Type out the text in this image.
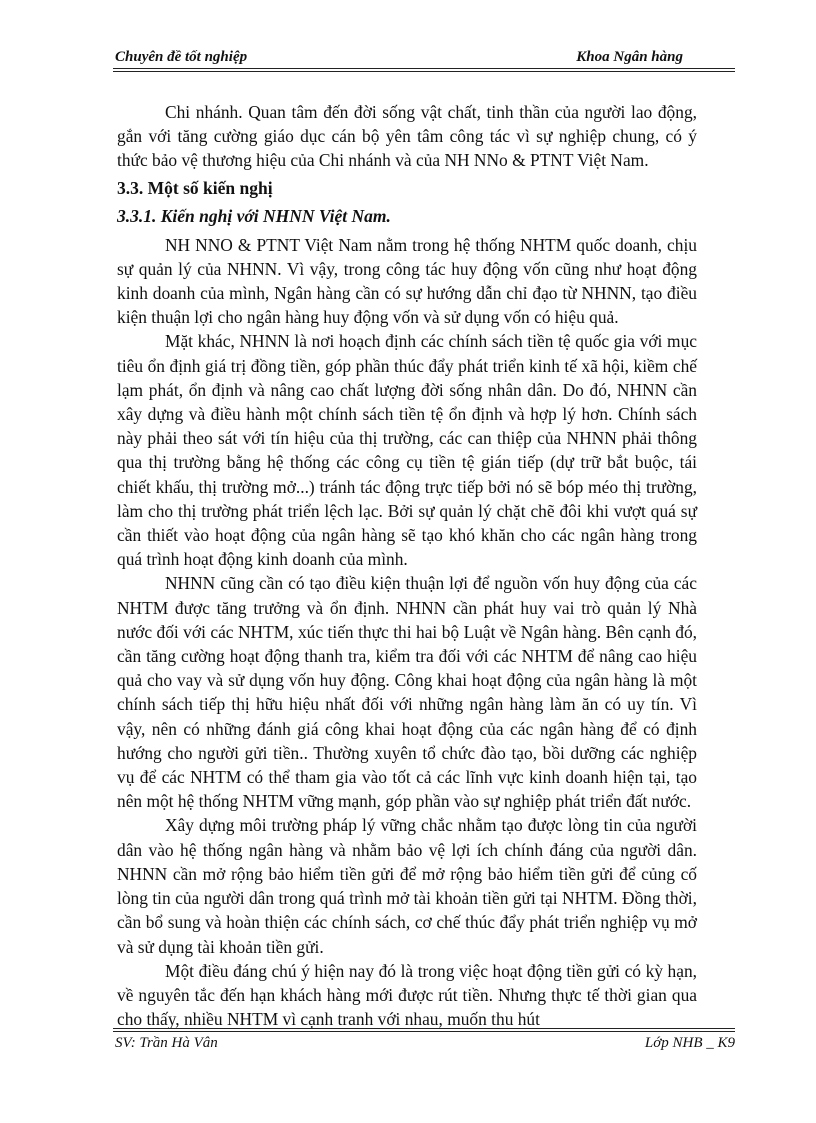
Chuyên đề tốt nghiệp	Khoa Ngân hàng

Chi nhánh. Quan tâm đến đời sống vật chất, tinh thần của người lao động, gắn với tăng cường giáo dục cán bộ yên tâm công tác vì sự nghiệp chung, có ý thức bảo vệ thương hiệu của Chi nhánh và của NH NNo & PTNT Việt Nam.

3.3. Một số kiến nghị
3.3.1. Kiến nghị với NHNN Việt Nam.

NH NNO & PTNT Việt Nam nằm trong hệ thống NHTM quốc doanh, chịu sự quản lý của NHNN. Vì vậy, trong công tác huy động vốn cũng như hoạt động kinh doanh của mình, Ngân hàng cần có sự hướng dẫn chỉ đạo từ NHNN, tạo điều kiện thuận lợi cho ngân hàng huy động vốn và sử dụng vốn có hiệu quả.

Mặt khác, NHNN là nơi hoạch định các chính sách tiền tệ quốc gia với mục tiêu ổn định giá trị đồng tiền, góp phần thúc đẩy phát triển kinh tế xã hội, kiềm chế lạm phát, ổn định và nâng cao chất lượng đời sống nhân dân. Do đó, NHNN cần xây dựng và điều hành một chính sách tiền tệ ổn định và hợp lý hơn. Chính sách này phải theo sát với tín hiệu của thị trường, các can thiệp của NHNN phải thông qua thị trường bằng hệ thống các công cụ tiền tệ gián tiếp (dự trữ bắt buộc, tái chiết khấu, thị trường mở...) tránh tác động trực tiếp bởi nó sẽ bóp méo thị trường, làm cho thị trường phát triển lệch lạc. Bởi sự quản lý chặt chẽ đôi khi vượt quá sự cần thiết vào hoạt động của ngân hàng sẽ tạo khó khăn cho các ngân hàng trong quá trình hoạt động kinh doanh của mình.

NHNN cũng cần có tạo điều kiện thuận lợi để nguồn vốn huy động của các NHTM được tăng trưởng và ổn định. NHNN cần phát huy vai trò quản lý Nhà nước đối với các NHTM, xúc tiến thực thi hai bộ Luật về Ngân hàng. Bên cạnh đó, cần tăng cường hoạt động thanh tra, kiểm tra đối với các NHTM để nâng cao hiệu quả cho vay và sử dụng vốn huy động. Công khai hoạt động của ngân hàng là một chính sách tiếp thị hữu hiệu nhất đối với những ngân hàng làm ăn có uy tín. Vì vậy, nên có những đánh giá công khai hoạt động của các ngân hàng để có định hướng cho người gửi tiền.. Thường xuyên tổ chức đào tạo, bồi dưỡng các nghiệp vụ để các NHTM có thể tham gia vào tốt cả các lĩnh vực kinh doanh hiện tại, tạo nên một hệ thống NHTM vững mạnh, góp phần vào sự nghiệp phát triển đất nước.

Xây dựng môi trường pháp lý vững chắc nhằm tạo được lòng tin của người dân vào hệ thống ngân hàng và nhằm bảo vệ lợi ích chính đáng của người dân. NHNN cần mở rộng bảo hiểm tiền gửi để mở rộng bảo hiểm tiền gửi để củng cố lòng tin của người dân trong quá trình mở tài khoản tiền gửi tại NHTM. Đồng thời, cần bổ sung và hoàn thiện các chính sách, cơ chế thúc đẩy phát triển nghiệp vụ mở và sử dụng tài khoản tiền gửi.

Một điều đáng chú ý hiện nay đó là trong việc hoạt động tiền gửi có kỳ hạn, về nguyên tắc đến hạn khách hàng mới được rút tiền. Nhưng thực tế thời gian qua cho thấy, nhiều NHTM vì cạnh tranh với nhau, muốn thu hút

SV: Trần Hà Vân	Lớp NHB _ K9
